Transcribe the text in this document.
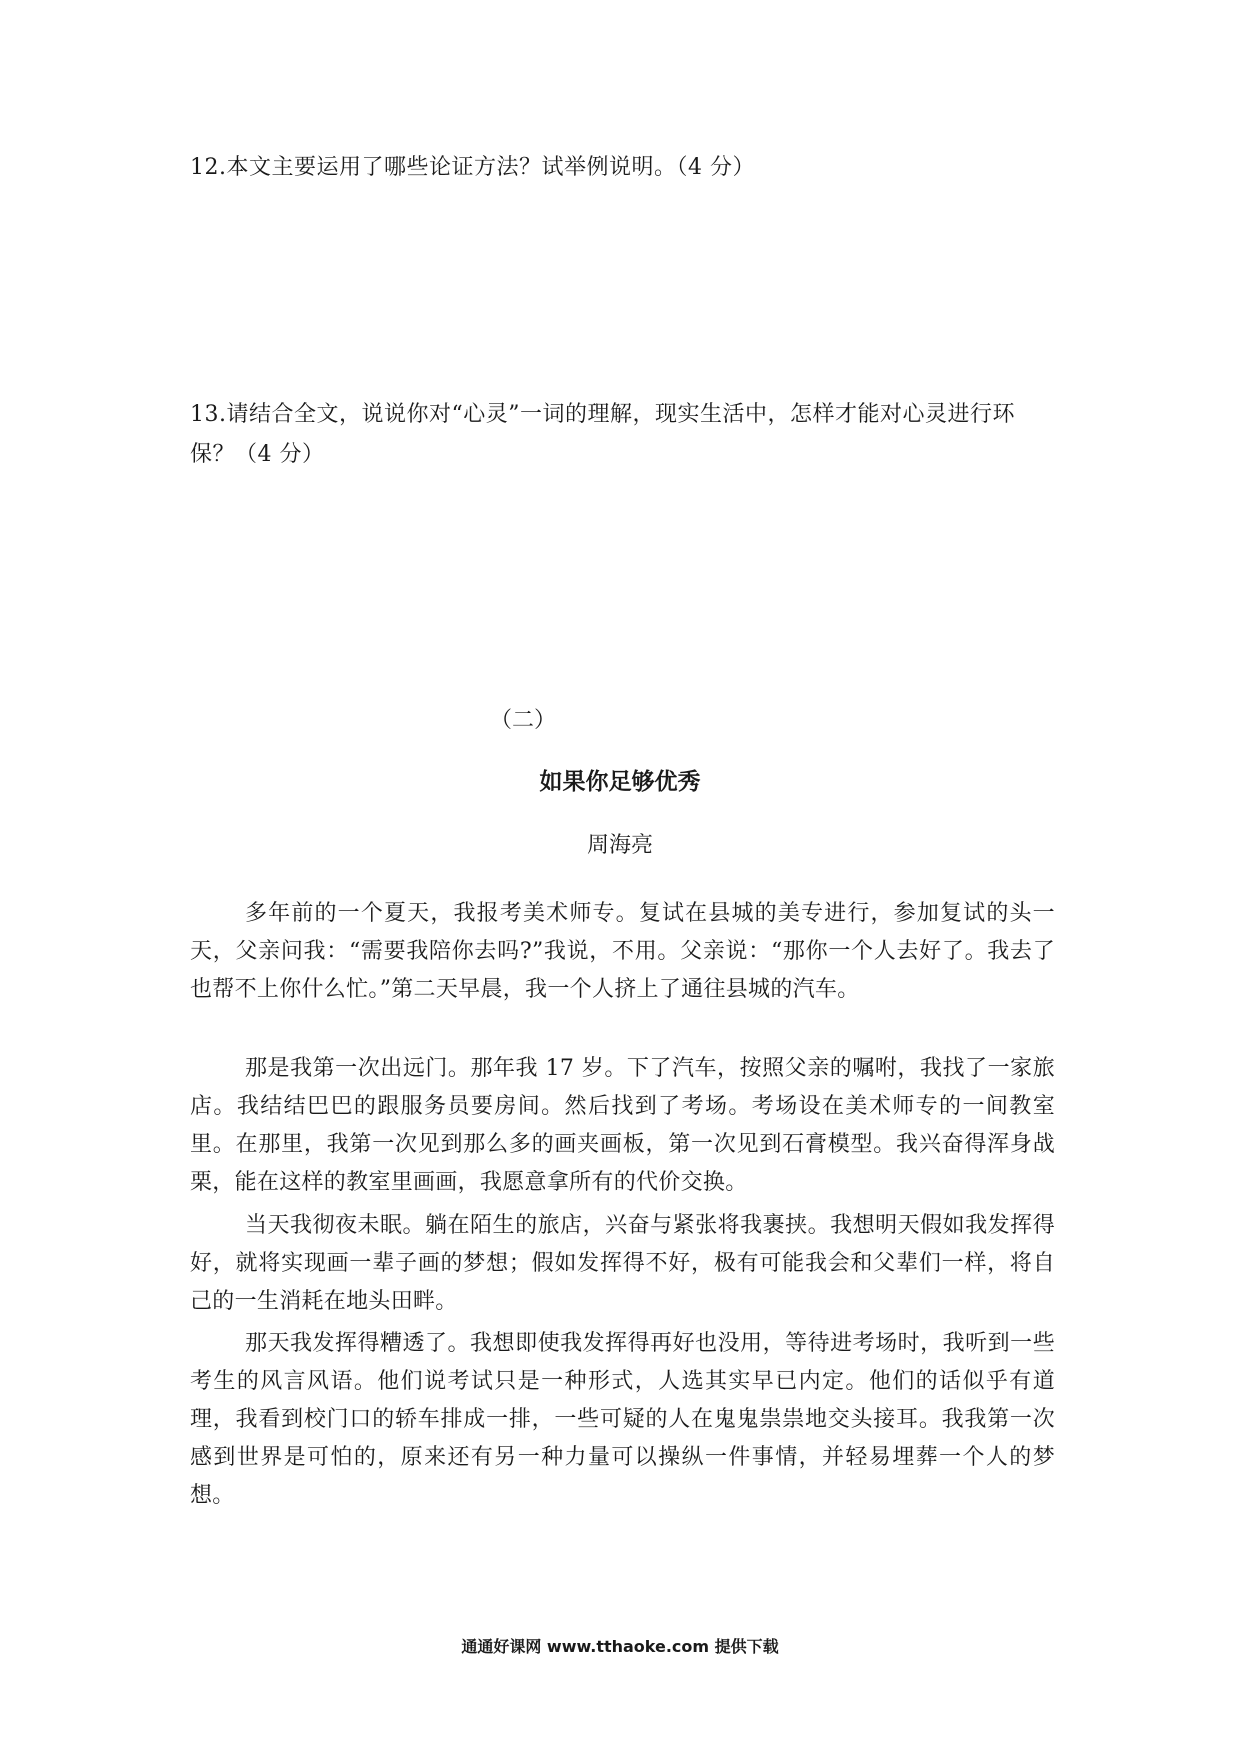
12.本文主要运用了哪些论证方法？试举例说明。（4 分）

13.请结合全文，说说你对“心灵”一词的理解，现实生活中，怎样才能对心灵进行环保？（4 分）

（二）

如果你足够优秀

周海亮

多年前的一个夏天，我报考美术师专。复试在县城的美专进行，参加复试的头一天，父亲问我：“需要我陪你去吗?”我说，不用。父亲说：“那你一个人去好了。我去了也帮不上你什么忙。”第二天早晨，我一个人挤上了通往县城的汽车。

那是我第一次出远门。那年我 17 岁。下了汽车，按照父亲的嘱咐，我找了一家旅店。我结结巴巴的跟服务员要房间。然后找到了考场。考场设在美术师专的一间教室里。在那里，我第一次见到那么多的画夹画板，第一次见到石膏模型。我兴奋得浑身战栗，能在这样的教室里画画，我愿意拿所有的代价交换。

当天我彻夜未眠。躺在陌生的旅店，兴奋与紧张将我裹挟。我想明天假如我发挥得好，就将实现画一辈子画的梦想；假如发挥得不好，极有可能我会和父辈们一样，将自己的一生消耗在地头田畔。

那天我发挥得糟透了。我想即使我发挥得再好也没用，等待进考场时，我听到一些考生的风言风语。他们说考试只是一种形式，人选其实早已内定。他们的话似乎有道理，我看到校门口的轿车排成一排，一些可疑的人在鬼鬼祟祟地交头接耳。我我第一次感到世界是可怕的，原来还有另一种力量可以操纵一件事情，并轻易埋葬一个人的梦想。

通通好课网 www.tthaoke.com 提供下载
